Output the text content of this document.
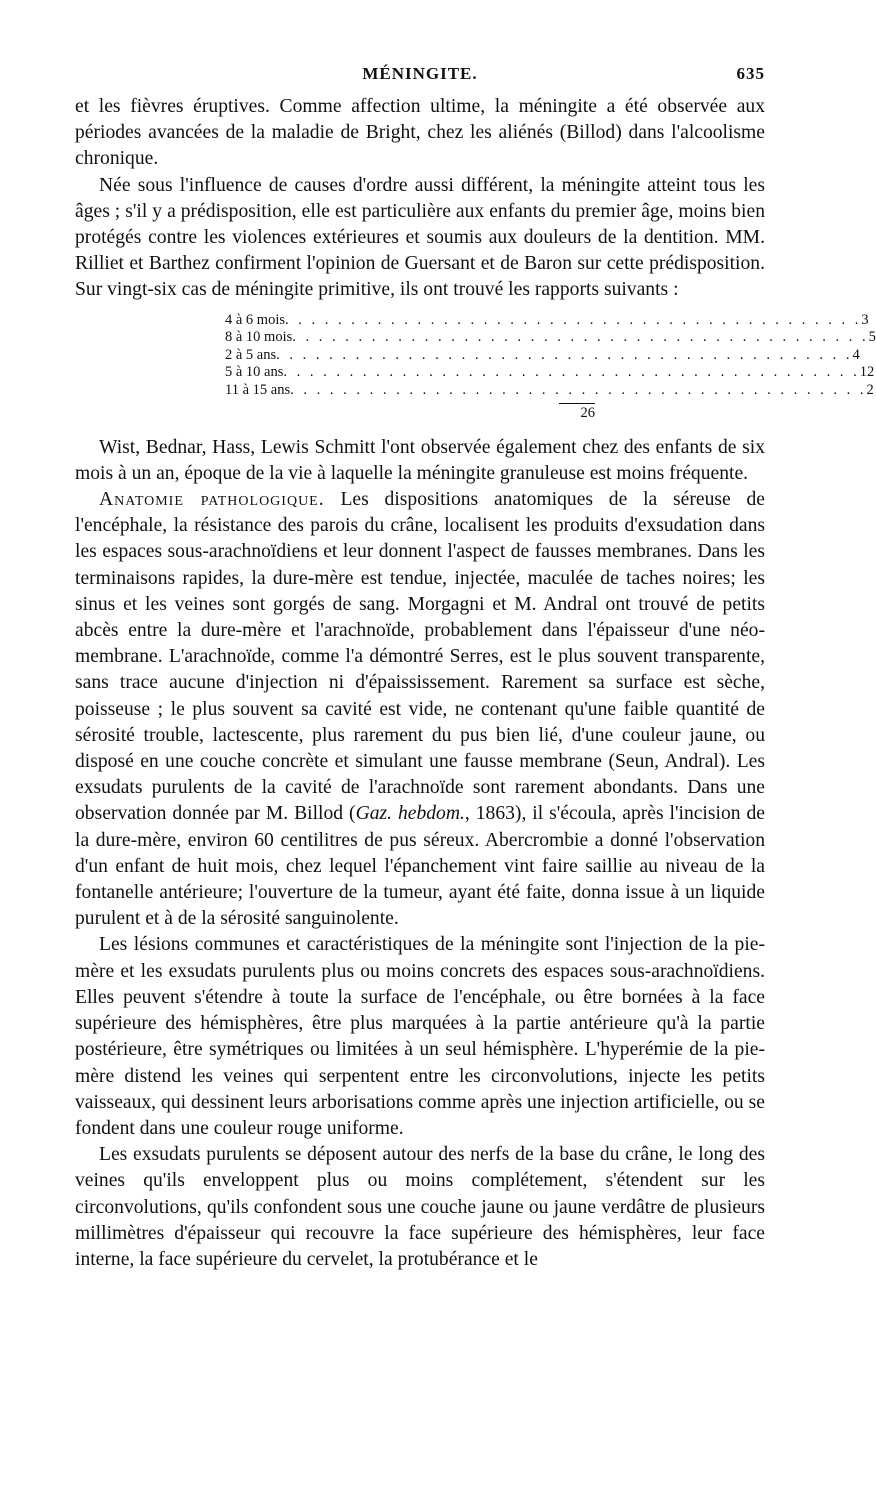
MÉNINGITE.	635

et les fièvres éruptives. Comme affection ultime, la méningite a été observée aux périodes avancées de la maladie de Bright, chez les aliénés (Billod) dans l'alcoolisme chronique.

Née sous l'influence de causes d'ordre aussi différent, la méningite atteint tous les âges ; s'il y a prédisposition, elle est particulière aux enfants du premier âge, moins bien protégés contre les violences extérieures et soumis aux douleurs de la dentition. MM. Rilliet et Barthez confirment l'opinion de Guersant et de Baron sur cette prédisposition. Sur vingt-six cas de méningite primitive, ils ont trouvé les rapports suivants :

4 à 6 mois . . . . . . . . . . . . . . . . . . . . . . . . . . . . . . . . . . . . . . . . . . . . 3
8 à 10 mois . . . . . . . . . . . . . . . . . . . . . . . . . . . . . . . . . . . . . . . . . . . . 5
2 à 5 ans . . . . . . . . . . . . . . . . . . . . . . . . . . . . . . . . . . . . . . . . . . . . 4
5 à 10 ans . . . . . . . . . . . . . . . . . . . . . . . . . . . . . . . . . . . . . . . . . . . . 12
11 à 15 ans . . . . . . . . . . . . . . . . . . . . . . . . . . . . . . . . . . . . . . . . . . . . 2
26

Wist, Bednar, Hass, Lewis Schmitt l'ont observée également chez des enfants de six mois à un an, époque de la vie à laquelle la méningite granuleuse est moins fréquente.

Anatomie pathologique. Les dispositions anatomiques de la séreuse de l'encéphale, la résistance des parois du crâne, localisent les produits d'exsudation dans les espaces sous-arachnoïdiens et leur donnent l'aspect de fausses membranes. Dans les terminaisons rapides, la dure-mère est tendue, injectée, maculée de taches noires; les sinus et les veines sont gorgés de sang. Morgagni et M. Andral ont trouvé de petits abcès entre la dure-mère et l'arachnoïde, probablement dans l'épaisseur d'une néo-membrane. L'arachnoïde, comme l'a démontré Serres, est le plus souvent transparente, sans trace aucune d'injection ni d'épaississement. Rarement sa surface est sèche, poisseuse ; le plus souvent sa cavité est vide, ne contenant qu'une faible quantité de sérosité trouble, lactescente, plus rarement du pus bien lié, d'une couleur jaune, ou disposé en une couche concrète et simulant une fausse membrane (Seun, Andral). Les exsudats purulents de la cavité de l'arachnoïde sont rarement abondants. Dans une observation donnée par M. Billod (Gaz. hebdom., 1863), il s'écoula, après l'incision de la dure-mère, environ 60 centilitres de pus séreux. Abercrombie a donné l'observation d'un enfant de huit mois, chez lequel l'épanchement vint faire saillie au niveau de la fontanelle antérieure; l'ouverture de la tumeur, ayant été faite, donna issue à un liquide purulent et à de la sérosité sanguinolente.

Les lésions communes et caractéristiques de la méningite sont l'injection de la pie-mère et les exsudats purulents plus ou moins concrets des espaces sous-arachnoïdiens. Elles peuvent s'étendre à toute la surface de l'encéphale, ou être bornées à la face supérieure des hémisphères, être plus marquées à la partie antérieure qu'à la partie postérieure, être symétriques ou limitées à un seul hémisphère. L'hyperémie de la pie-mère distend les veines qui serpentent entre les circonvolutions, injecte les petits vaisseaux, qui dessinent leurs arborisations comme après une injection artificielle, ou se fondent dans une couleur rouge uniforme.

Les exsudats purulents se déposent autour des nerfs de la base du crâne, le long des veines qu'ils enveloppent plus ou moins complétement, s'étendent sur les circonvolutions, qu'ils confondent sous une couche jaune ou jaune verdâtre de plusieurs millimètres d'épaisseur qui recouvre la face supérieure des hémisphères, leur face interne, la face supérieure du cervelet, la protubérance et le
